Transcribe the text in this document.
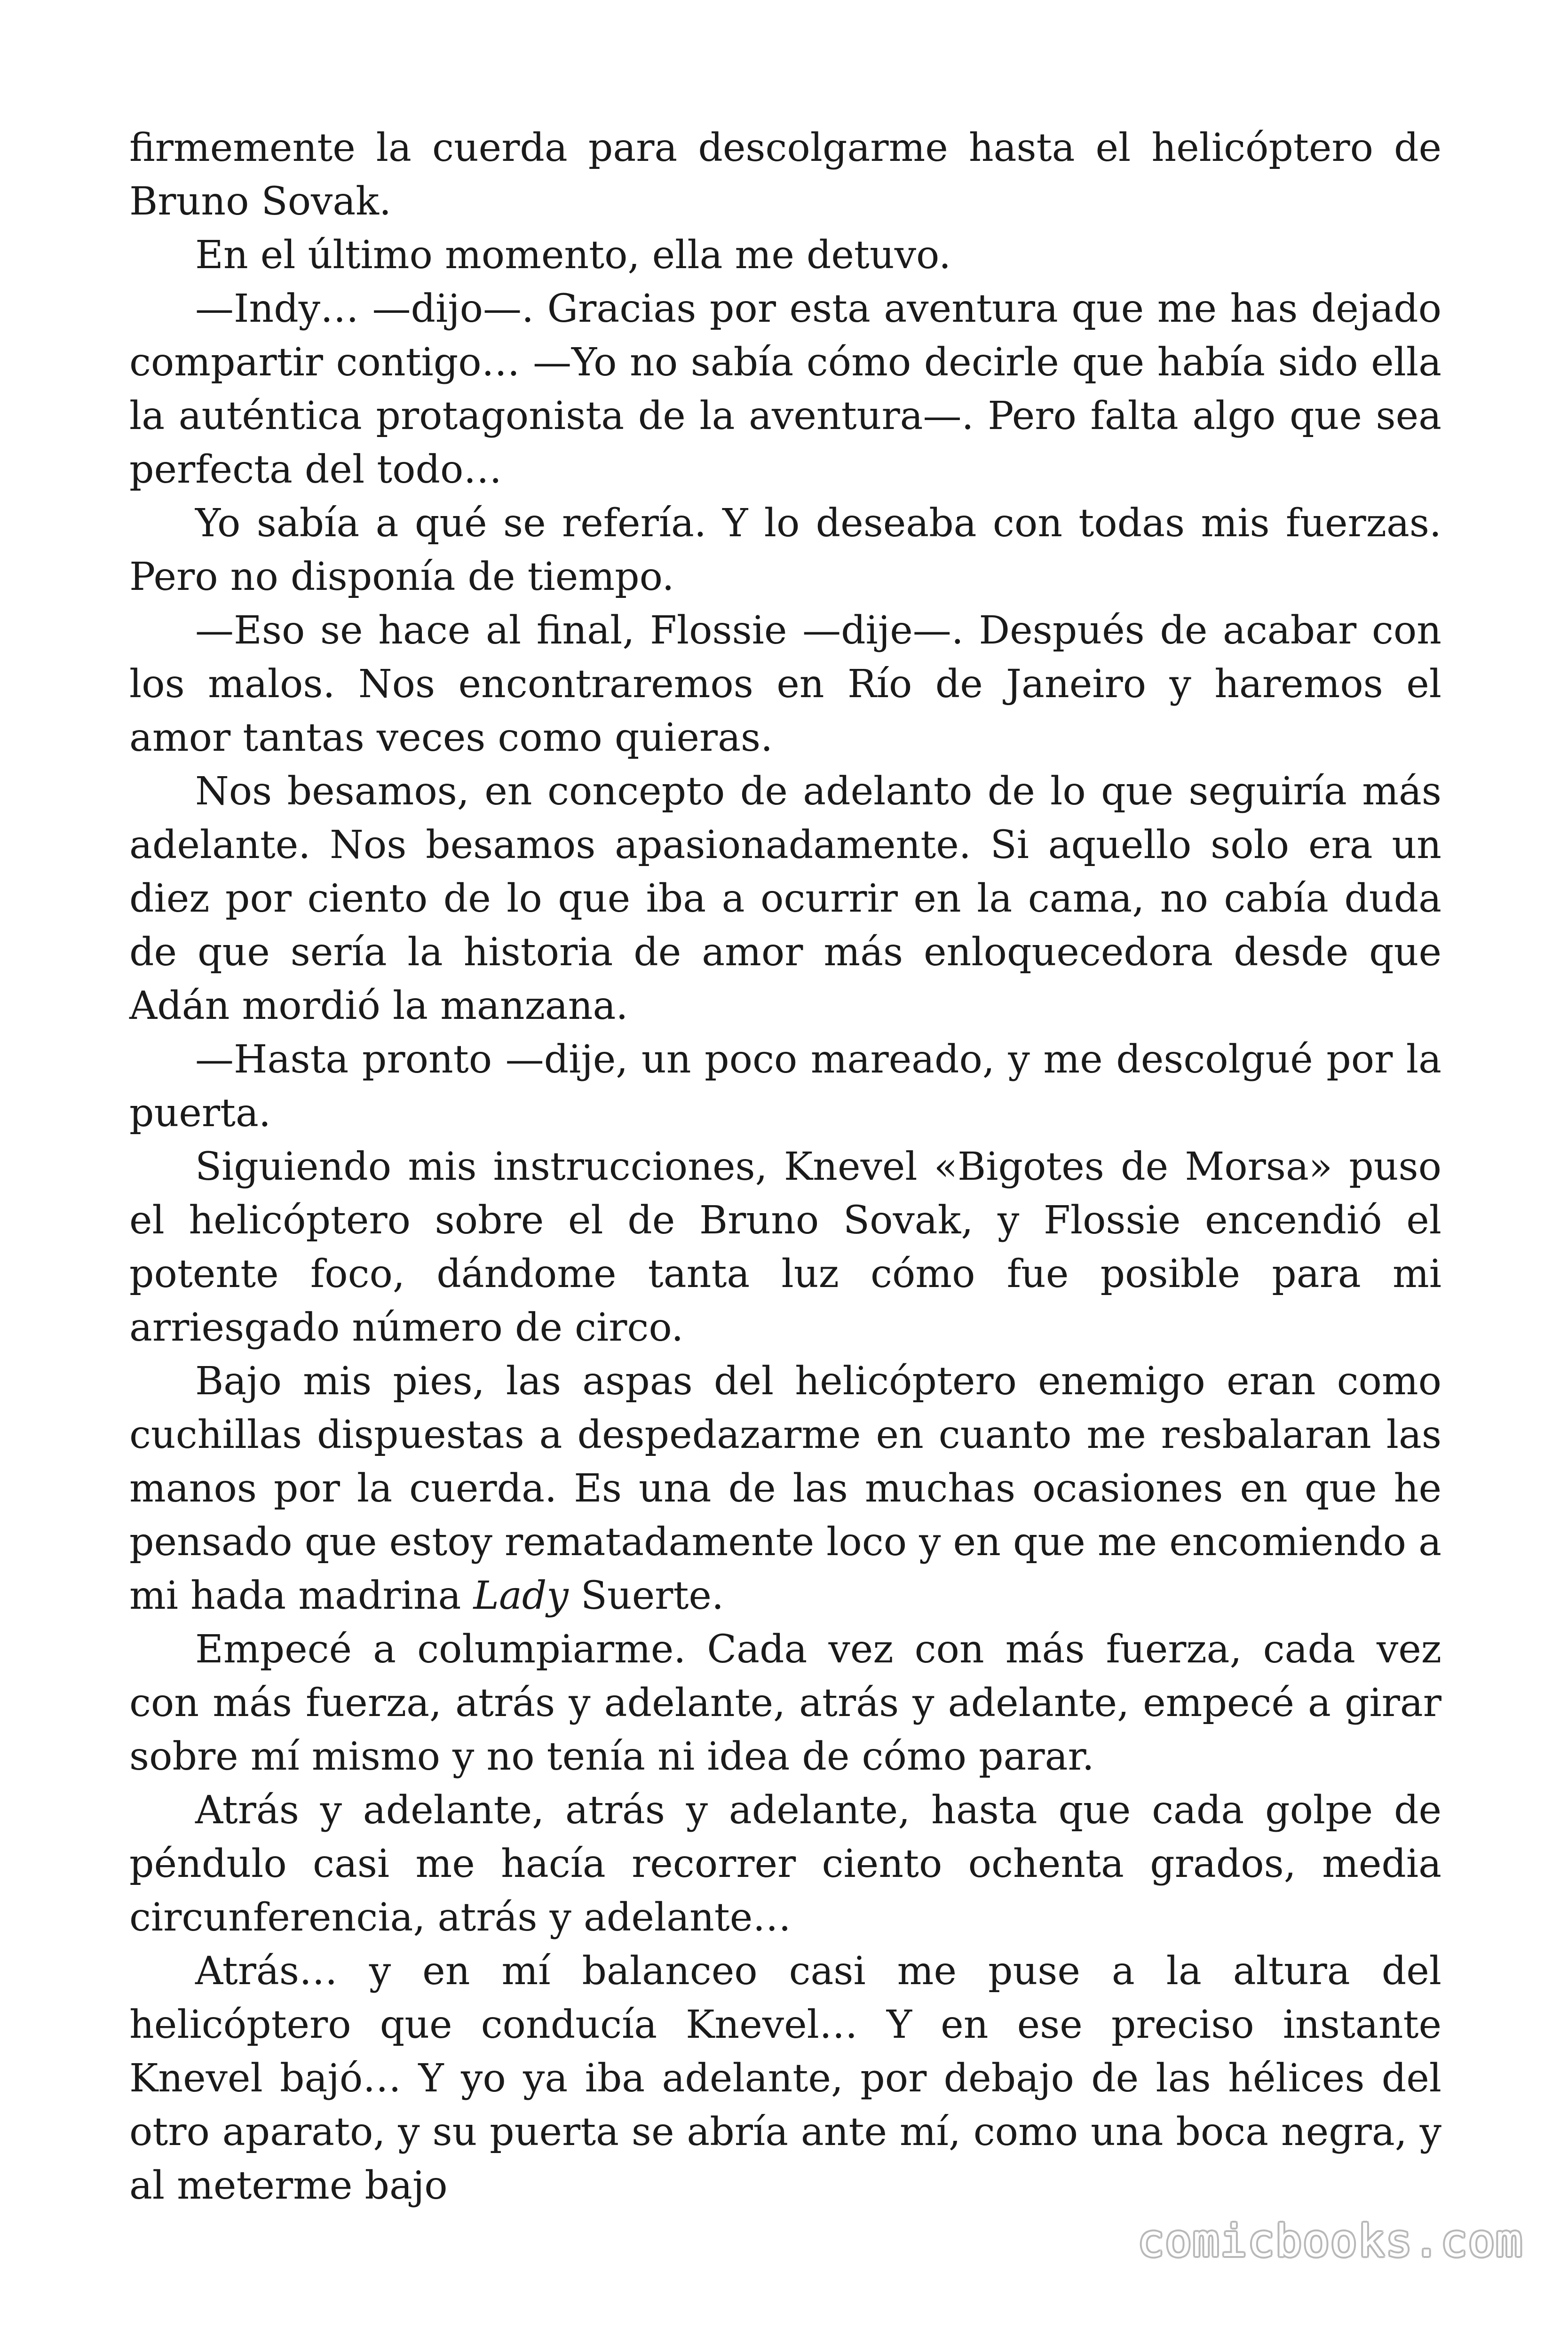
firmemente la cuerda para descolgarme hasta el helicóptero de Bruno Sovak.

En el último momento, ella me detuvo.

—Indy… —dijo—. Gracias por esta aventura que me has dejado compartir contigo… —Yo no sabía cómo decirle que había sido ella la auténtica protagonista de la aventura—. Pero falta algo que sea perfecta del todo…

Yo sabía a qué se refería. Y lo deseaba con todas mis fuerzas. Pero no disponía de tiempo.

—Eso se hace al final, Flossie —dije—. Después de acabar con los malos. Nos encontraremos en Río de Janeiro y haremos el amor tantas veces como quieras.

Nos besamos, en concepto de adelanto de lo que seguiría más adelante. Nos besamos apasionadamente. Si aquello solo era un diez por ciento de lo que iba a ocurrir en la cama, no cabía duda de que sería la historia de amor más enloquecedora desde que Adán mordió la manzana.

—Hasta pronto —dije, un poco mareado, y me descolgué por la puerta.

Siguiendo mis instrucciones, Knevel «Bigotes de Morsa» puso el helicóptero sobre el de Bruno Sovak, y Flossie encendió el potente foco, dándome tanta luz cómo fue posible para mi arriesgado número de circo.

Bajo mis pies, las aspas del helicóptero enemigo eran como cuchillas dispuestas a despedazarme en cuanto me resbalaran las manos por la cuerda. Es una de las muchas ocasiones en que he pensado que estoy rematadamente loco y en que me encomiendo a mi hada madrina Lady Suerte.

Empecé a columpiarme. Cada vez con más fuerza, cada vez con más fuerza, atrás y adelante, atrás y adelante, empecé a girar sobre mí mismo y no tenía ni idea de cómo parar.

Atrás y adelante, atrás y adelante, hasta que cada golpe de péndulo casi me hacía recorrer ciento ochenta grados, media circunferencia, atrás y adelante…

Atrás… y en mí balanceo casi me puse a la altura del helicóptero que conducía Knevel… Y en ese preciso instante Knevel bajó… Y yo ya iba adelante, por debajo de las hélices del otro aparato, y su puerta se abría ante mí, como una boca negra, y al meterme bajo

comicbooks.com
